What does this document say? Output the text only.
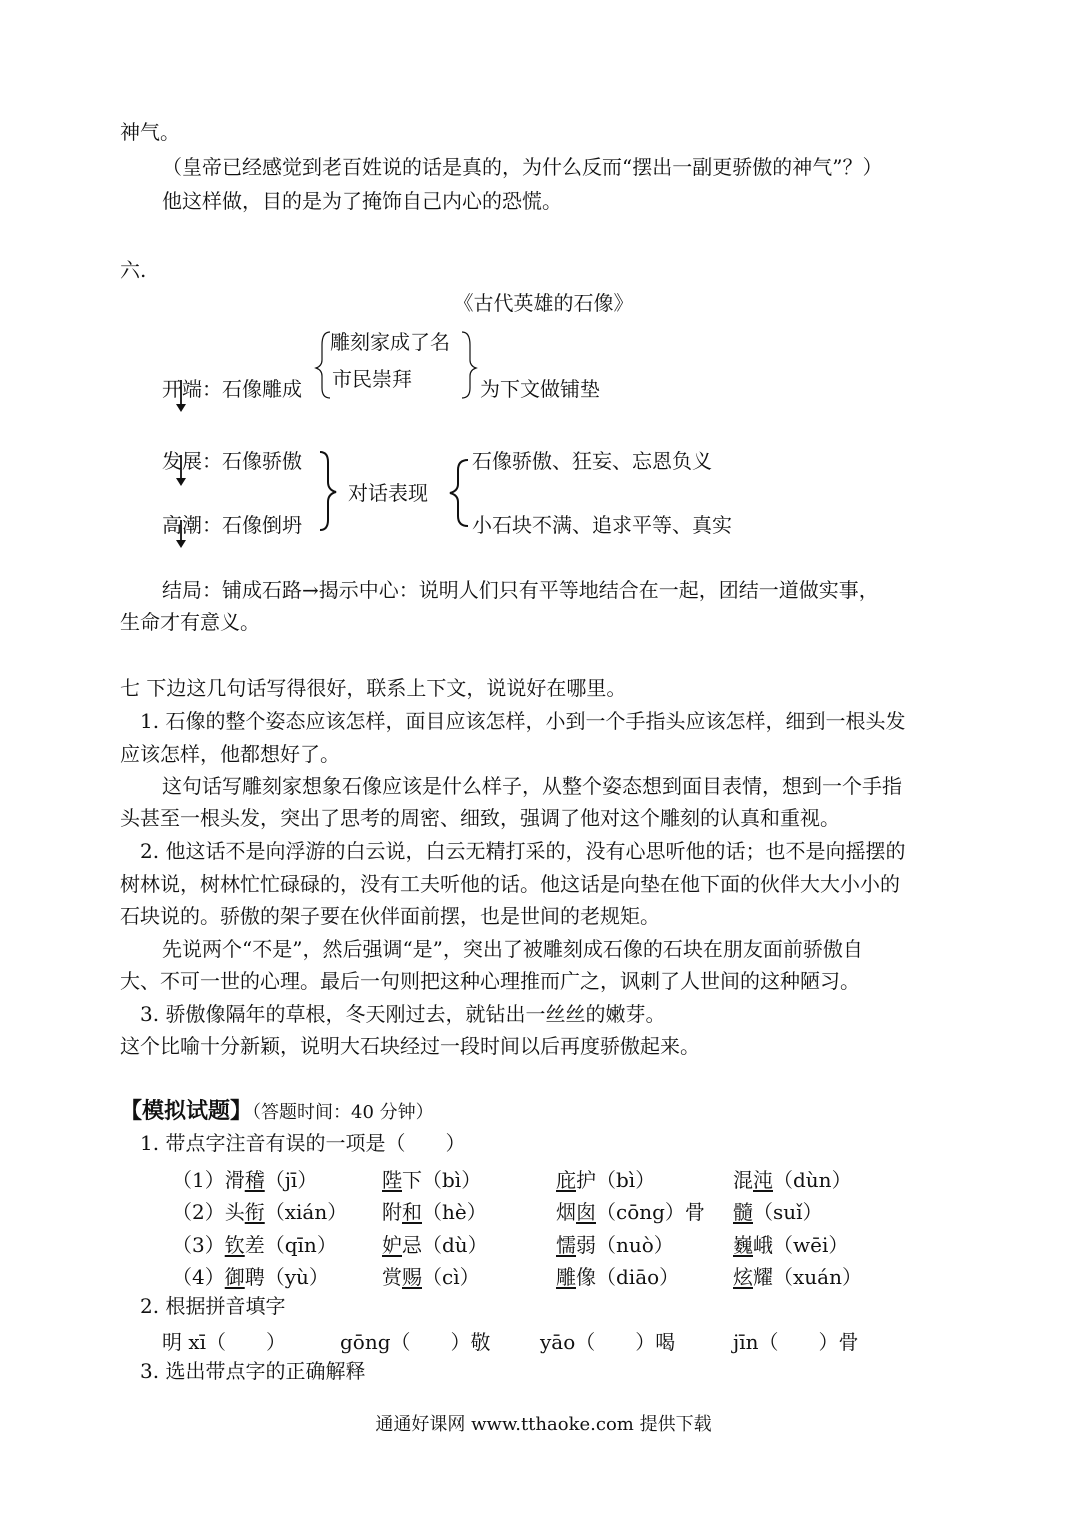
神气。
（皇帝已经感觉到老百姓说的话是真的，为什么反而“摆出一副更骄傲的神气”？）
他这样做，目的是为了掩饰自己内心的恐慌。
六.
《古代英雄的石像》
雕刻家成了名
市民崇拜
开端：石像雕成	为下文做铺垫
发展：石像骄傲	石像骄傲、狂妄、忘恩负义
对话表现
高潮：石像倒坍	小石块不满、追求平等、真实
结局：铺成石路→揭示中心：说明人们只有平等地结合在一起，团结一道做实事，
生命才有意义。
七 下边这几句话写得很好，联系上下文，说说好在哪里。
1. 石像的整个姿态应该怎样，面目应该怎样，小到一个手指头应该怎样，细到一根头发
应该怎样，他都想好了。
这句话写雕刻家想象石像应该是什么样子，从整个姿态想到面目表情，想到一个手指
头甚至一根头发，突出了思考的周密、细致，强调了他对这个雕刻的认真和重视。
2. 他这话不是向浮游的白云说，白云无精打采的，没有心思听他的话；也不是向摇摆的
树林说，树林忙忙碌碌的，没有工夫听他的话。他这话是向垫在他下面的伙伴大大小小的
石块说的。骄傲的架子要在伙伴面前摆，也是世间的老规矩。
先说两个“不是”，然后强调“是”，突出了被雕刻成石像的石块在朋友面前骄傲自
大、不可一世的心理。最后一句则把这种心理推而广之，讽刺了人世间的这种陋习。
3. 骄傲像隔年的草根，冬天刚过去，就钻出一丝丝的嫩芽。
这个比喻十分新颖，说明大石块经过一段时间以后再度骄傲起来。
【模拟试题】（答题时间：40 分钟）
1. 带点字注音有误的一项是（　　）
（1）滑稽（jī）	陛下（bì）	庇护（bì）	混沌（dùn）
（2）头衔（xián） 附和（hè）	烟囱（cōng）骨 髓（suǐ）
（3）钦差（qīn） 妒忌（dù）	懦弱（nuò）	巍峨（wēi）
（4）御聘（yù）	赏赐（cì）	雕像（diāo）	炫耀（xuán）
2. 根据拼音填字
明 xī（　　）	gōng（　　）敬 yāo（　　）喝	jīn（　　）骨
3. 选出带点字的正确解释
通通好课网 www.tthaoke.com 提供下载
